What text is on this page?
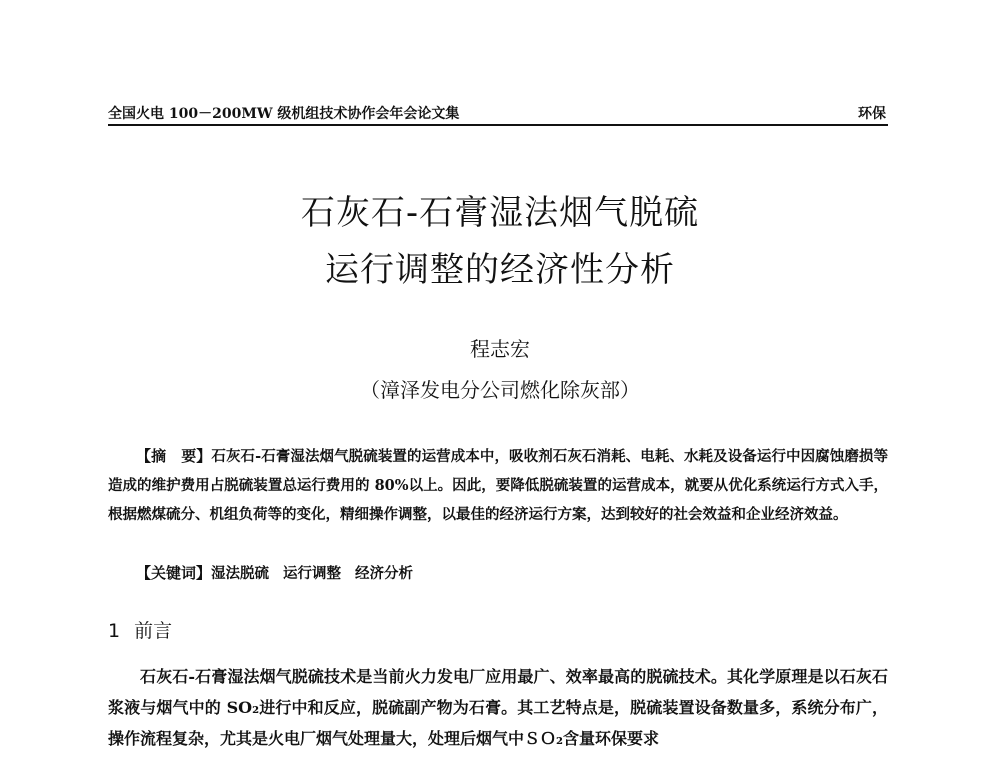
全国火电 100－200MW 级机组技术协作会年会论文集	环保
石灰石-石膏湿法烟气脱硫
运行调整的经济性分析
程志宏
（漳泽发电分公司燃化除灰部）

【摘　要】石灰石-石膏湿法烟气脱硫装置的运营成本中，吸收剂石灰石消耗、电耗、水耗及设备运行中因腐蚀磨损等造成的维护费用占脱硫装置总运行费用的 80%以上。因此，要降低脱硫装置的运营成本，就要从优化系统运行方式入手，根据燃煤硫分、机组负荷等的变化，精细操作调整，以最佳的经济运行方案，达到较好的社会效益和企业经济效益。

【关键词】湿法脱硫 运行调整 经济分析
1 前言

石灰石-石膏湿法烟气脱硫技术是当前火力发电厂应用最广、效率最高的脱硫技术。其化学原理是以石灰石浆液与烟气中的 SO₂进行中和反应，脱硫副产物为石膏。其工艺特点是，脱硫装置设备数量多，系统分布广，操作流程复杂，尤其是火电厂烟气处理量大，处理后烟气中ＳＯ₂含量环保要求
